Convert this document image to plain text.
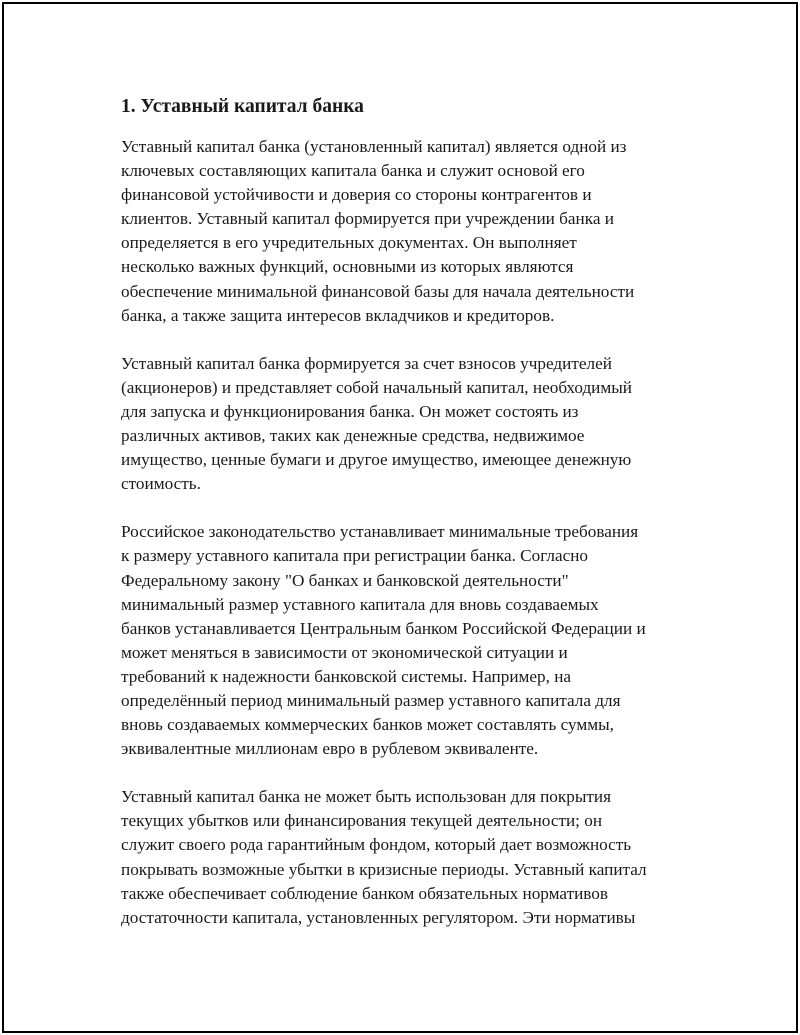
1. Уставный капитал банка

Уставный капитал банка (установленный капитал) является одной из
ключевых составляющих капитала банка и служит основой его
финансовой устойчивости и доверия со стороны контрагентов и
клиентов. Уставный капитал формируется при учреждении банка и
определяется в его учредительных документах. Он выполняет
несколько важных функций, основными из которых являются
обеспечение минимальной финансовой базы для начала деятельности
банка, а также защита интересов вкладчиков и кредиторов.

Уставный капитал банка формируется за счет взносов учредителей
(акционеров) и представляет собой начальный капитал, необходимый
для запуска и функционирования банка. Он может состоять из
различных активов, таких как денежные средства, недвижимое
имущество, ценные бумаги и другое имущество, имеющее денежную
стоимость.

Российское законодательство устанавливает минимальные требования
к размеру уставного капитала при регистрации банка. Согласно
Федеральному закону "О банках и банковской деятельности"
минимальный размер уставного капитала для вновь создаваемых
банков устанавливается Центральным банком Российской Федерации и
может меняться в зависимости от экономической ситуации и
требований к надежности банковской системы. Например, на
определённый период минимальный размер уставного капитала для
вновь создаваемых коммерческих банков может составлять суммы,
эквивалентные миллионам евро в рублевом эквиваленте.

Уставный капитал банка не может быть использован для покрытия
текущих убытков или финансирования текущей деятельности; он
служит своего рода гарантийным фондом, который дает возможность
покрывать возможные убытки в кризисные периоды. Уставный капитал
также обеспечивает соблюдение банком обязательных нормативов
достаточности капитала, установленных регулятором. Эти нормативы
